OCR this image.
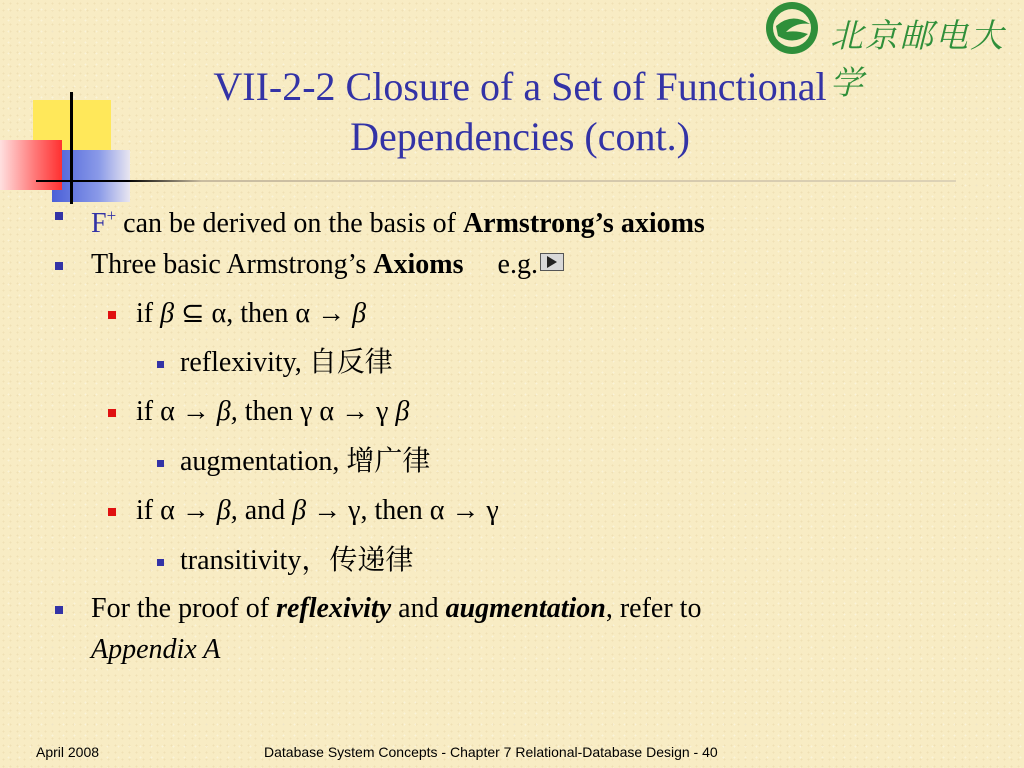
北京邮电大学
VII-2-2 Closure of a Set of Functional
Dependencies (cont.)
F+ can be derived on the basis of Armstrong’s axioms
Three basic Armstrong’s Axioms e.g.
if β ⊆ α, then α → β
reflexivity, 自反律
if α → β, then γ α → γ β
augmentation, 增广律
if α → β, and β → γ, then α → γ
transitivity，传递律
For the proof of reflexivity and augmentation, refer to
Appendix A
April 2008	Database System Concepts - Chapter 7 Relational-Database Design - 40
